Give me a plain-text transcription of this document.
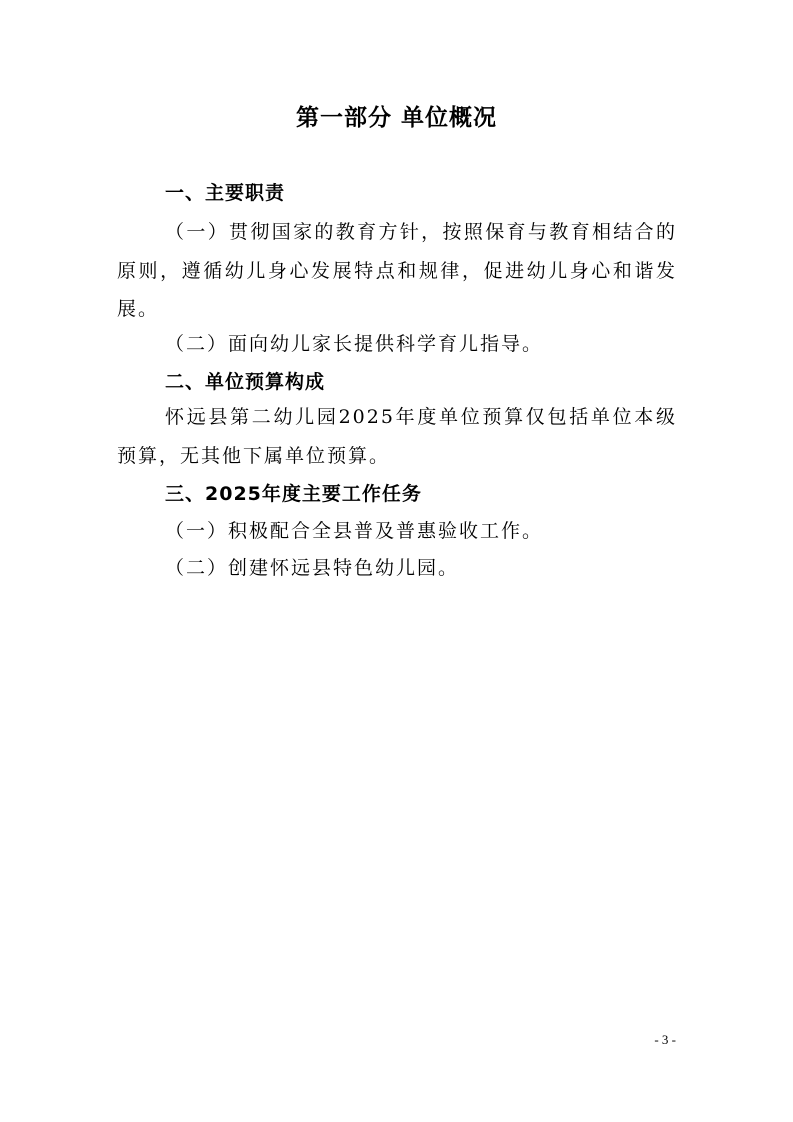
第一部分 单位概况
一、主要职责
（一）贯彻国家的教育方针，按照保育与教育相结合的原则，遵循幼儿身心发展特点和规律，促进幼儿身心和谐发展。
（二）面向幼儿家长提供科学育儿指导。
二、单位预算构成
怀远县第二幼儿园2025年度单位预算仅包括单位本级预算，无其他下属单位预算。
三、2025年度主要工作任务
（一）积极配合全县普及普惠验收工作。
（二）创建怀远县特色幼儿园。
- 3 -
